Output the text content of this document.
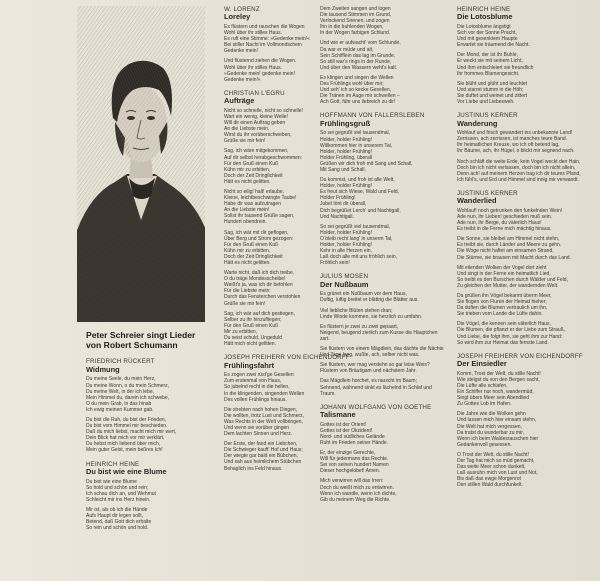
Peter Schreier singt Lieder
von Robert Schumann

FRIEDRICH RÜCKERT

Widmung

Du meine Seele, du mein Herz,
Du meine Wonn, o du mein Schmerz,
Du meine Welt, in der ich lebe,
Mein Himmel du, darein ich schwebe,
O du mein Grab, in das hinab
Ich ewig meinen Kummer gab.

Du bist die Ruh, du bist der Frieden,
Du bist vom Himmel mir beschieden.
Daß du mich liebst, macht mich mir wert,
Dein Blick hat mich vor mir verklärt,
Du hebst mich liebend über mich,
Mein guter Geist, mein beßres Ich!

HEINRICH HEINE

Du bist wie eine Blume

Du bist wie eine Blume
So hold und schön und rein;
Ich schau dich an, und Wehmut
Schleicht mir ins Herz hinein.

Mir ist, als ob ich die Hände
Aufs Haupt dir legen sollt,
Betend, daß Gott dich erhalte
So rein und schön und hold.

W. LORENZ

Loreley

Es flüstern und rauschen die Wogen
Wohl über ihr stilles Haus.
Es ruft eine Stimme: »Gedenke mein!«
Bei stiller Nacht im Vollmondschein
Gedenke mein!

Und flüsternd ziehen die Wogen.
Wohl über ihr stilles Haus.
»Gedenke mein! gedenke mein!
Gedenke mein!«

CHRISTIAN L'EGRU

Aufträge

Nicht so schnelle, nicht so schnelle!
Wart ein wenig, kleine Welle!
Will dir einen Auftrag geben
An die Liebste mein.
Wirst du ihr vorüberschweben,
Grüße sie mir fein!

Sag, ich wäre mitgekommen,
Auf dir selbst herabgeschwommen:
Für den Gruß einen Kuß
Kühn mir zu erbitten,
Doch der Zeit Dringlichkeit
Hätt es nicht gelitten.

Nicht so eilig! halt! erlaube,
Kleine, leichtbeschwingte Taube!
Habe dir was aufzutragen
An die Liebste mein!
Sollst ihr tausend Grüße sagen,
Hundert obendrein.

Sag, ich wär mit dir geflogen,
Über Berg und Strom gezogen:
Für den Gruß einen Kuß
Kühn mir zu erbitten,
Doch der Zeit Dringlichkeit
Hätt es nicht gelitten.

Warte nicht, daß ich dich treibe,
O du träge Mondesscheibe!
Weißt's ja, was ich dir befohlen
Für die Liebste mein:
Durch das Fensterchen verstohlen
Grüße sie mir fein!

Sag, ich wär auf dich gestiegen,
Selber zu ihr hinzufliegen;
Für den Gruß einen Kuß
Mir zu erbitten,
Du seist schuld, Ungeduld
Hätt mich nicht gelitten.

JOSEPH FREIHERR VON EICHENDORFF

Frühlingsfahrt

Es zogen zwei rüst'ge Gesellen
Zum erstenmal von Haus,
So jubelnd recht in die hellen,
In die klingenden, singenden Wellen
Des vollen Frühlings hinaus.

Die strebten nach hohen Dingen,
Die wollten, trotz Lust und Schmerz,
Was Rechts in der Welt vollbringen,
Und wenn sie vorüber gingen
Dem lachten Sinnen und Herz.

Der Erste, der fand ein Liebchen,
Die Schwieger kauft' Hof und Haus;
Der wiegte gar bald ein Bübchen,
Und sah aus heimlichem Stübchen
Behaglich ins Feld hinaus.

Dem Zweiten sangen und logen
Die tausend Stimmen im Grund,
Verlockend Sirenen, und zogen
Ihn in die buhlenden Wogen,
In der Wogen farbigen Schlund.

Und wie er aufwacht' vom Schlunde,
Da war er müde und alt,
Sein Schifflein das lag im Grunde,
So still war's rings in der Runde,
Und über den Wassern weht's kalt.

Es klingen und singen die Wellen
Des Frühlings wohl über mir;
Und seh' ich so kecke Gesellen,
Die Tränen im Auge mir schwellen –
Ach Gott, führ uns liebreich zu dir!

HOFFMANN VON FALLERSLEBEN

Frühlingsgruß

So sei gegrüßt viel tausendmal,
Holder, holder Frühling!
Willkommen hier in unserem Tal,
Holder, holder Frühling!
Holder Frühling, überall
Grüßen wir dich froh mit Sang und Schall,
Mit Sang und Schall.

Du kommst, und froh ist alle Welt,
Holder, holder Frühling!
Es freut sich Wiese, Wald und Feld,
Holder Frühling!
Jubel tönt dir überall,
Dich begrüßet Lerch' und Nachtigall,
Und Nachtigall.

So sei gegrüßt viel tausendmal,
Holder, holder Frühling!
O bleib recht lang' in unserm Tal,
Holder, holder Frühling!
Kehr in alle Herzen ein,
Laß doch alle mit uns fröhlich sein,
Fröhlich sein!

JULIUS MOSEN

Der Nußbaum

Es grünet ein Nußbaum vor dem Haus,
Duftig, luftig breitet er blättrig die Blätter aus.

Viel liebliche Blüten stehen dran;
Linde Winde kommen, sie herzlich zu umfahn.

Es flüstern je zwei zu zwei gepaart,
Neigend, beugend zierlich zum Kusse die Häuptchen zart.

Sie flüstern von einem Mägdlein, das dächte die Nächte
Und Tage lang, wußte, ach, selber nicht was.

Sie flüstern, wer mag verstehn so gar leise Weis?
Flüstern von Bräutigam und nächstem Jahr.

Das Mägdlein horchet, es rauscht im Baum;
Sehnend, wähnend sinkt es lächelnd in Schlaf und Traum.

JOHANN WOLFGANG VON GOETHE

Talismane

Gottes ist der Orient!
Gottes ist der Okzident!
Nord- und südliches Gelände
Ruht im Frieden seiner Hände.

Er, der einzige Gerechte,
Will für jedermann das Rechte.
Sei von seinen hundert Namen
Dieser hochgelobet! Amen.

Mich verwirren will das Irren:
Doch du weißt mich zu entwirren.
Wenn ich wandle, wenn ich dichte,
Gib du meinem Weg die Richte.

HEINRICH HEINE

Die Lotosblume

Die Lotosblume ängstigt
Sich vor der Sonne Pracht,
Und mit gesenktem Haupte
Erwartet sie träumend die Nacht.

Der Mond, der ist ihr Buhle,
Er weckt sie mit seinem Licht,
Und ihm entschleiert sie freundlich
Ihr frommes Blumengesicht.

Sie blüht und glüht und leuchtet
Und starret stumm in die Höh;
Sie duftet und weinet und zittert
Vor Liebe und Liebesweh.

JUSTINUS KERNER

Wanderung

Wohlauf und frisch gewandert ins unbekannte Land!
Zerrissen, ach zerrissen, ist manches teure Band.
Ihr heimatlichen Kreuze, wo ich oft betend lag,
Ihr Bäume, ach, ihr Hügel, o blickt mir segnend nach.

Noch schläft die weite Erde, kein Vogel weckt den Hain,
Doch bin ich nicht verlassen, doch bin ich nicht allein,
Denn ach! auf meinem Herzen trag ich dir teures Pfand,
Ich fühl's, und Erd und Himmel sind innig mir verwandt.

JUSTINUS KERNER

Wanderlied

Wohlauf! noch getrunken den funkelnden Wein!
Ade nun, ihr Lieben! geschieden muß sein.
Ade nun, ihr Berge, du väterlich Haus!
Es treibt in die Ferne mich mächtig hinaus.

Die Sonne, sie bleibet am Himmel nicht stehn,
Es treibt sie, durch Länder und Meere zu gehn.
Die Woge nicht haftet am einsamen Strand,
Die Stürme, sie brausen mit Macht durch das Land.

Mit eilenden Wolken der Vogel dort zieht
Und singt in der Ferne ein heimatlich Lied,
So treibt es den Burschen durch Wälder und Feld,
Zu gleichen der Mutter, der wandernden Welt.

Da grüßen ihn Vögel bekannt überm Meer,
Sie flogen von Fluren der Heimat hieher;
Da duften die Blumen vertraulich um ihn,
Sie trieben vom Lande die Lüfte dahin.

Die Vögel, die kennen sein väterlich Haus,
Die Blumen, die pflanzt er der Liebe zum Strauß,
Und Liebe, die folgt ihm, sie geht ihm zur Hand:
So wird ihm zur Heimat das fernste Land.

JOSEPH FREIHERR VON EICHENDORFF

Der Einsiedler

Komm, Trost der Welt, du stille Nacht!
Wie steigst du von den Bergen sacht,
Die Lüfte alle schlafen,
Ein Schiffer nur noch, wandermüd,
Singt übers Meer sein Abendlied
Zu Gottes Lob im Hafen.

Die Jahre wie die Wolken gehn
Und lassen mich hier einsam stehn,
Die Welt hat mich vergessen,
Da tratst du wunderbar zu mir,
Wenn ich beim Waldesrauschen hier
Gedankenvoll gesessen.

O Trost der Welt, du stille Nacht!
Der Tag hat mich so müd gemacht,
Das weite Meer schon dunkelt,
Laß ausruhn mich von Lust und Not,
Bis daß das ewge Morgenrot
Den stillen Wald durchfunkelt.
